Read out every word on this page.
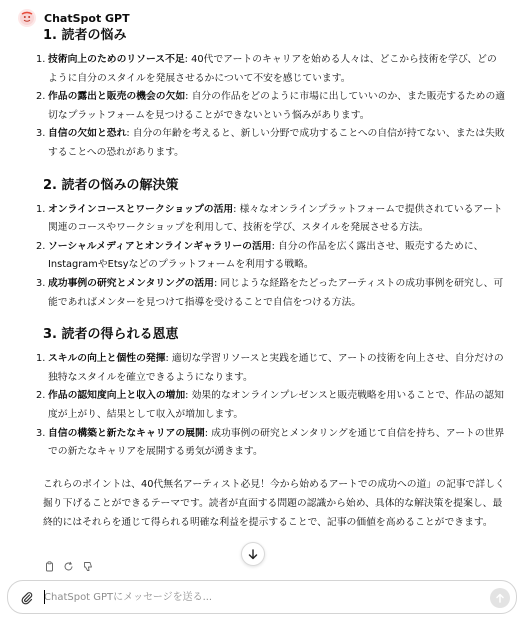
ChatSpot GPT
1. 読者の悩み
1. 技術向上のためのリソース不足: 40代でアートのキャリアを始める人々は、どこから技術を学び、どのように自分のスタイルを発展させるかについて不安を感じています。
2. 作品の露出と販売の機会の欠如: 自分の作品をどのように市場に出していいのか、また販売するための適切なプラットフォームを見つけることができないという悩みがあります。
3. 自信の欠如と恐れ: 自分の年齢を考えると、新しい分野で成功することへの自信が持てない、または失敗することへの恐れがあります。
2. 読者の悩みの解決策
1. オンラインコースとワークショップの活用: 様々なオンラインプラットフォームで提供されているアート関連のコースやワークショップを利用して、技術を学び、スタイルを発展させる方法。
2. ソーシャルメディアとオンラインギャラリーの活用: 自分の作品を広く露出させ、販売するために、InstagramやEtsyなどのプラットフォームを利用する戦略。
3. 成功事例の研究とメンタリングの活用: 同じような経路をたどったアーティストの成功事例を研究し、可能であればメンターを見つけて指導を受けることで自信をつける方法。
3. 読者の得られる恩恵
1. スキルの向上と個性の発揮: 適切な学習リソースと実践を通じて、アートの技術を向上させ、自分だけの独特なスタイルを確立できるようになります。
2. 作品の認知度向上と収入の増加: 効果的なオンラインプレゼンスと販売戦略を用いることで、作品の認知度が上がり、結果として収入が増加します。
3. 自信の構築と新たなキャリアの展開: 成功事例の研究とメンタリングを通じて自信を持ち、アートの世界での新たなキャリアを展開する勇気が湧きます。

これらのポイントは、40代無名アーティスト必見！今から始めるアートでの成功への道」の記事で詳しく掘り下げることができるテーマです。読者が直面する問題の認識から始め、具体的な解決策を提案し、最終的にはそれらを通じて得られる明確な利益を提示することで、記事の価値を高めることができます。

ChatSpot GPTにメッセージを送る...
